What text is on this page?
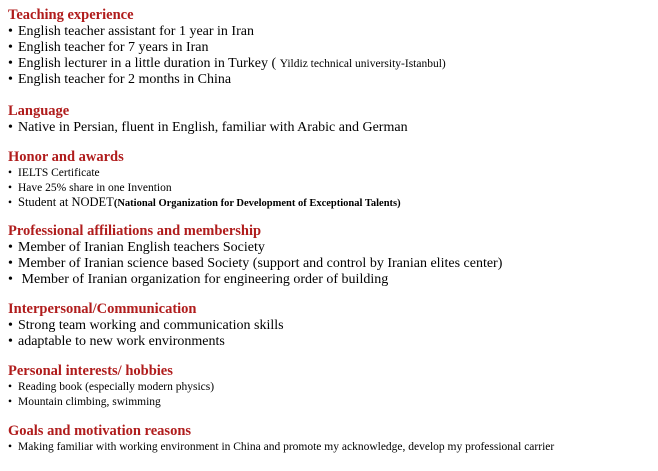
Teaching experience
• English teacher assistant for 1 year in Iran
• English teacher for 7 years in Iran
• English lecturer in a little duration in Turkey ( Yildiz technical university-Istanbul)
• English teacher for 2 months in China
Language
• Native in Persian, fluent in English, familiar with Arabic and German
Honor and awards
• IELTS Certificate
• Have 25% share in one Invention
• Student at NODET(National Organization for Development of Exceptional Talents)
Professional affiliations and membership
• Member of Iranian English teachers Society
• Member of Iranian science based Society (support and control by Iranian elites center)
• Member of Iranian organization for engineering order of building
Interpersonal/Communication
• Strong team working and communication skills
• adaptable to new work environments
Personal interests/ hobbies
• Reading book (especially modern physics)
• Mountain climbing, swimming
Goals and motivation reasons
• Making familiar with working environment in China and promote my acknowledge, develop my professional carrier
